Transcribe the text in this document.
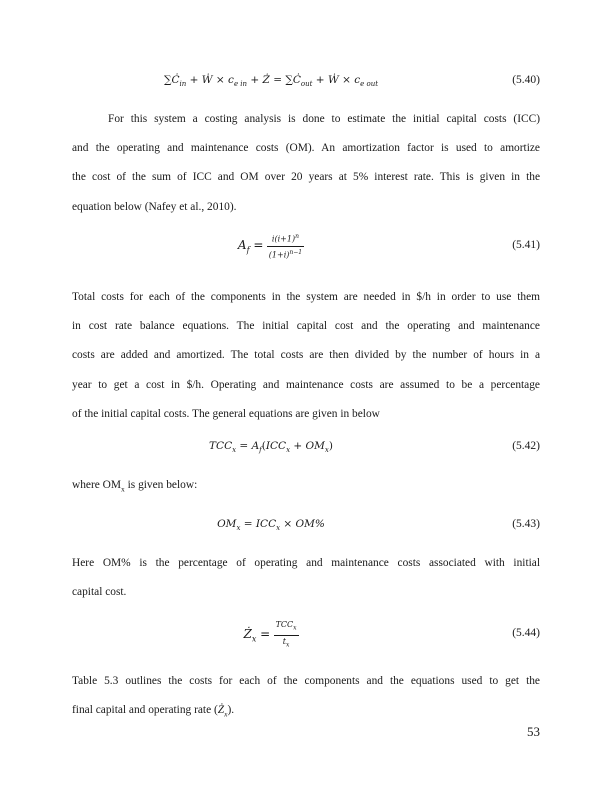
$\sum Ċ_{in}$ + Ẇ × $c_{e in}$ + Ż = $\sum Ċ_{out}$ + Ẇ × $c_{e out}$	(5.40)
For this system a costing analysis is done to estimate the initial capital costs (ICC)
and the operating and maintenance costs (OM). An amortization factor is used to amortize
the cost of the sum of ICC and OM over 20 years at 5% interest rate. This is given in the
equation below (Nafey et al., 2010).
$A_f = \frac{i(i+1)^n}{(1+i)^{n-1}}$	(5.41)
Total costs for each of the components in the system are needed in $/h in order to use them
in cost rate balance equations. The initial capital cost and the operating and maintenance
costs are added and amortized. The total costs are then divided by the number of hours in a
year to get a cost in $/h. Operating and maintenance costs are assumed to be a percentage
of the initial capital costs. The general equations are given in below
$TCC_x = A_f(ICC_x + OM_x)$	(5.42)
where $OM_x$ is given below:
$OM_x = ICC_x \times OM\%$	(5.43)
Here OM% is the percentage of operating and maintenance costs associated with initial
capital cost.
$Ż_x = \frac{TCC_x}{t_x}$	(5.44)
Table 5.3 outlines the costs for each of the components and the equations used to get the
final capital and operating rate $(Ż_x)$.
53
